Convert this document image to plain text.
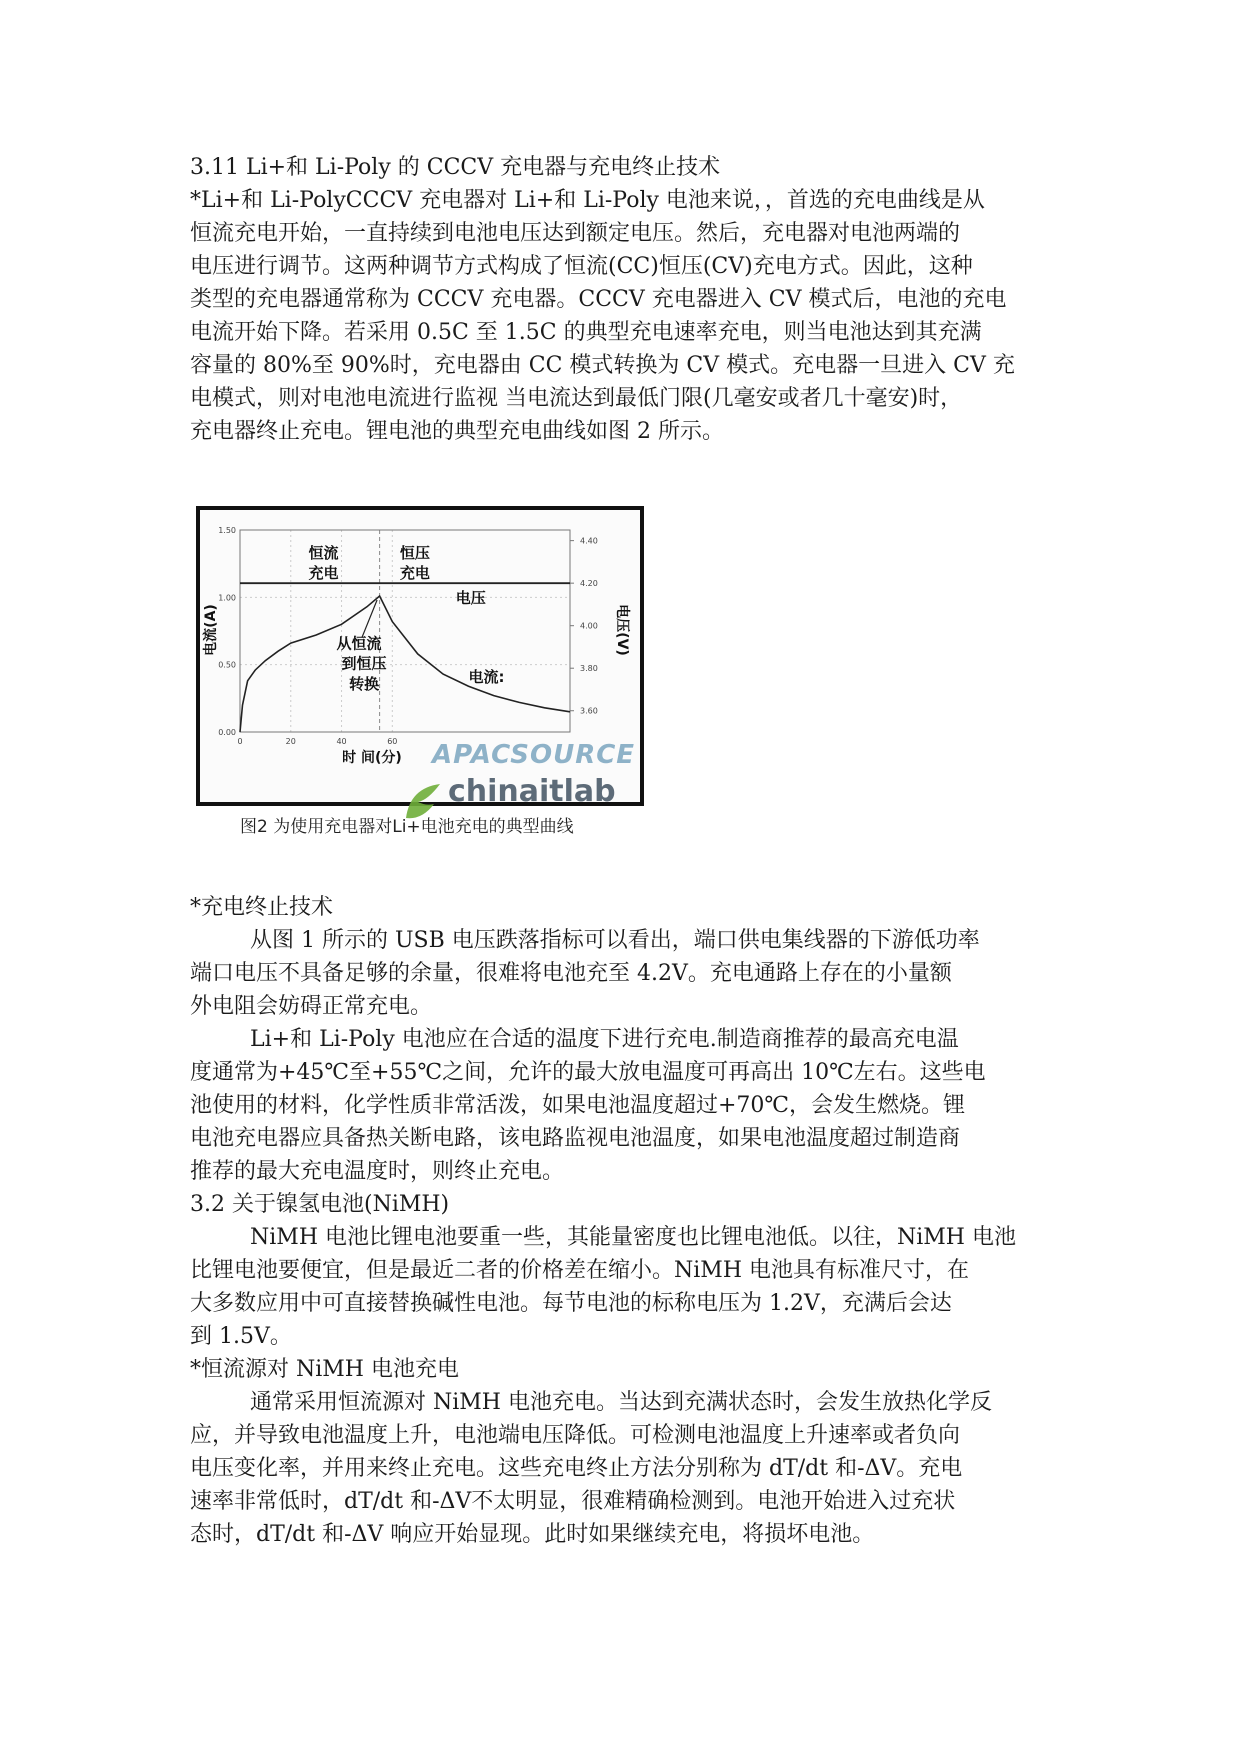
3.11 Li+和 Li-Poly 的 CCCV 充电器与充电终止技术
*Li+和 Li-PolyCCCV 充电器对 Li+和 Li-Poly 电池来说，，首选的充电曲线是从
恒流充电开始，一直持续到电池电压达到额定电压。然后，充电器对电池两端的
电压进行调节。这两种调节方式构成了恒流(CC)恒压(CV)充电方式。因此，这种
类型的充电器通常称为 CCCV 充电器。CCCV 充电器进入 CV 模式后，电池的充电
电流开始下降。若采用 0.5C 至 1.5C 的典型充电速率充电，则当电池达到其充满
容量的 80%至 90%时，充电器由 CC 模式转换为 CV 模式。充电器一旦进入 CV 充
电模式，则对电池电流进行监视 当电流达到最低门限(几毫安或者几十毫安)时，
充电器终止充电。锂电池的典型充电曲线如图 2 所示。
*充电终止技术
从图 1 所示的 USB 电压跌落指标可以看出，端口供电集线器的下游低功率
端口电压不具备足够的余量，很难将电池充至 4.2V。充电通路上存在的小量额
外电阻会妨碍正常充电。
Li+和 Li-Poly 电池应在合适的温度下进行充电.制造商推荐的最高充电温
度通常为+45℃至+55℃之间，允许的最大放电温度可再高出 10℃左右。这些电
池使用的材料，化学性质非常活泼，如果电池温度超过+70℃，会发生燃烧。锂
电池充电器应具备热关断电路，该电路监视电池温度，如果电池温度超过制造商
推荐的最大充电温度时，则终止充电。
3.2 关于镍氢电池(NiMH)
NiMH 电池比锂电池要重一些，其能量密度也比锂电池低。以往，NiMH 电池
比锂电池要便宜，但是最近二者的价格差在缩小。NiMH 电池具有标准尺寸，在
大多数应用中可直接替换碱性电池。每节电池的标称电压为 1.2V，充满后会达
到 1.5V。
*恒流源对 NiMH 电池充电
通常采用恒流源对 NiMH 电池充电。当达到充满状态时，会发生放热化学反
应，并导致电池温度上升，电池端电压降低。可检测电池温度上升速率或者负向
电压变化率，并用来终止充电。这些充电终止方法分别称为 dT/dt 和-ΔV。充电
速率非常低时，dT/dt 和-ΔV不太明显，很难精确检测到。电池开始进入过充状
态时，dT/dt 和-ΔV 响应开始显现。此时如果继续充电，将损坏电池。
0.00
0.50
1.00
1.50
3.60
3.80
4.00
4.20
4.40
0	20	40	60
电压
电流:
恒流
充电
恒压
充电
从恒流
到恒压
转换
电流(A)	电压(V)
时 间(分) APACSOURCE
chinaitlab
图2 为使用充电器对Li+电池充电的典型曲线
